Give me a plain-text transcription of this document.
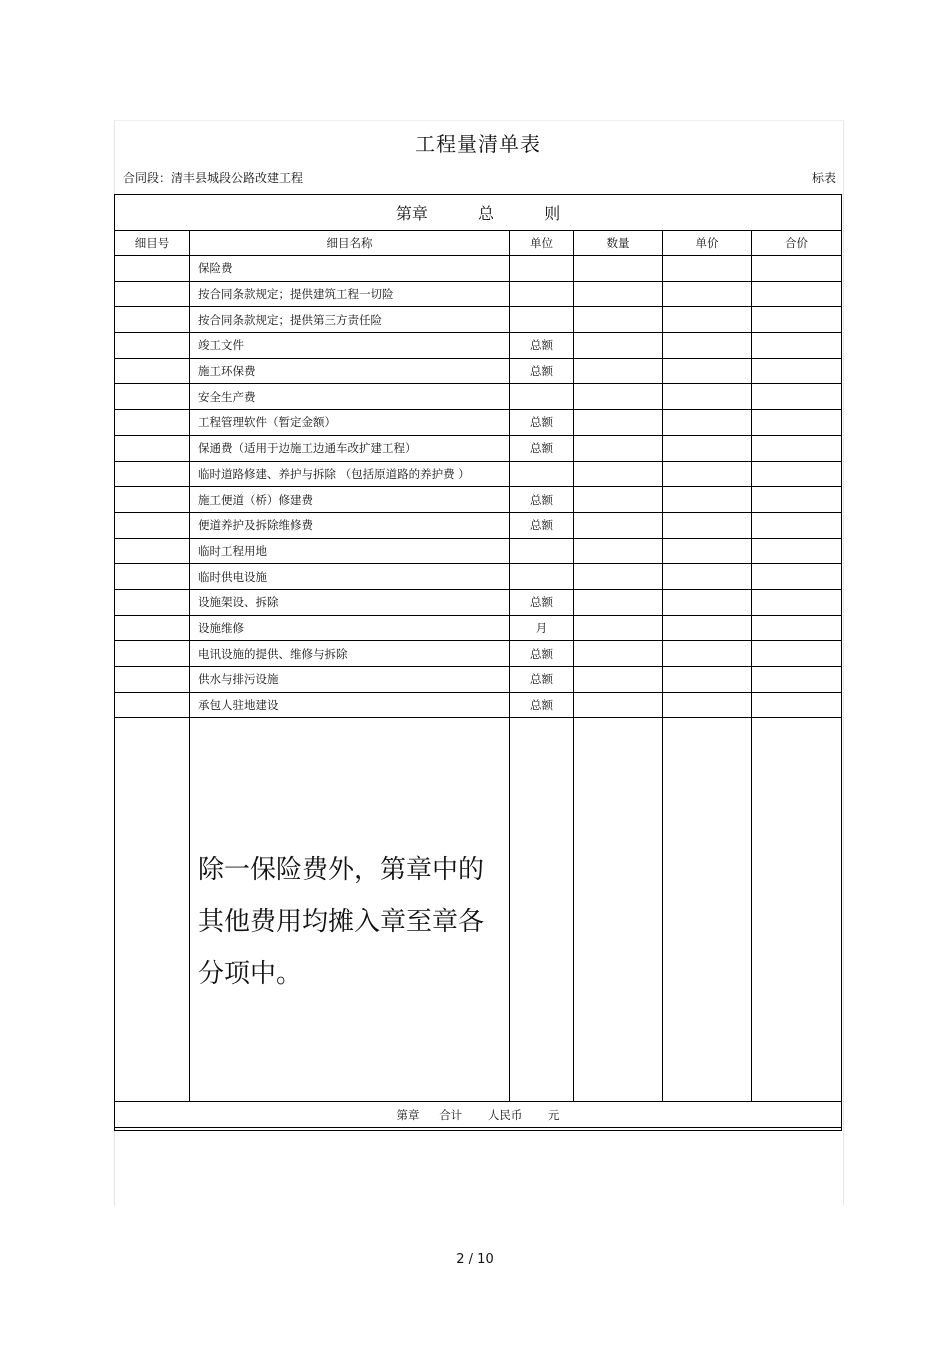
工程量清单表
合同段：清丰县城段公路改建工程	标表
第章 总 则					
细目号	细目名称	单位	数量	单价	合价
	保险费				
	按合同条款规定；提供建筑工程一切险				
	按合同条款规定；提供第三方责任险				
	竣工文件	总额			
	施工环保费	总额			
	安全生产费				
	工程管理软件（暂定金额）	总额			
	保通费（适用于边施工边通车改扩建工程）	总额			
	临时道路修建、养护与拆除 （包括原道路的养护费 ）				
	施工便道（桥）修建费	总额			
	便道养护及拆除维修费	总额			
	临时工程用地				
	临时供电设施				
	设施架设、拆除	总额			
	设施维修	月			
	电讯设施的提供、维修与拆除	总额			
	供水与排污设施	总额			
	承包人驻地建设	总额			

	除一保险费外，第章中的其他费用均摊入章至章各分项中。				

第章 合计 人民币 元					
2 / 10
